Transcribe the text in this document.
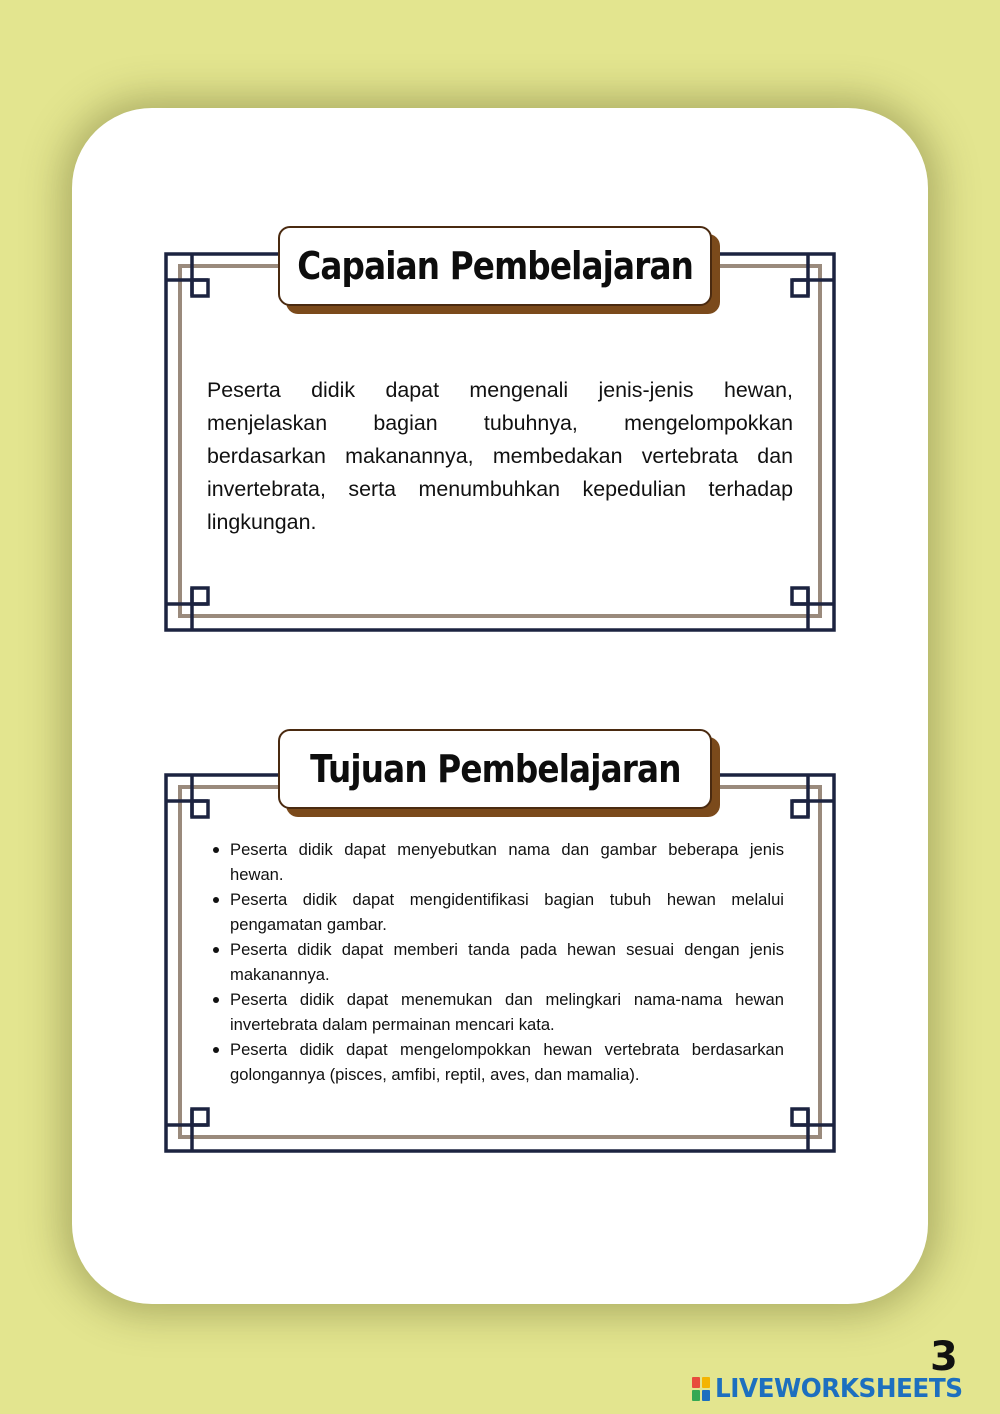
Capaian Pembelajaran

Peserta didik dapat mengenali jenis-jenis hewan, menjelaskan bagian tubuhnya, mengelompokkan berdasarkan makanannya, membedakan vertebrata dan invertebrata, serta menumbuhkan kepedulian terhadap lingkungan.

Tujuan Pembelajaran
Peserta didik dapat menyebutkan nama dan gambar beberapa jenis hewan.
Peserta didik dapat mengidentifikasi bagian tubuh hewan melalui pengamatan gambar.
Peserta didik dapat memberi tanda pada hewan sesuai dengan jenis makanannya.
Peserta didik dapat menemukan dan melingkari nama-nama hewan invertebrata dalam permainan mencari kata.
Peserta didik dapat mengelompokkan hewan vertebrata berdasarkan golongannya (pisces, amfibi, reptil, aves, dan mamalia).
3
LIVEWORKSHEETS
